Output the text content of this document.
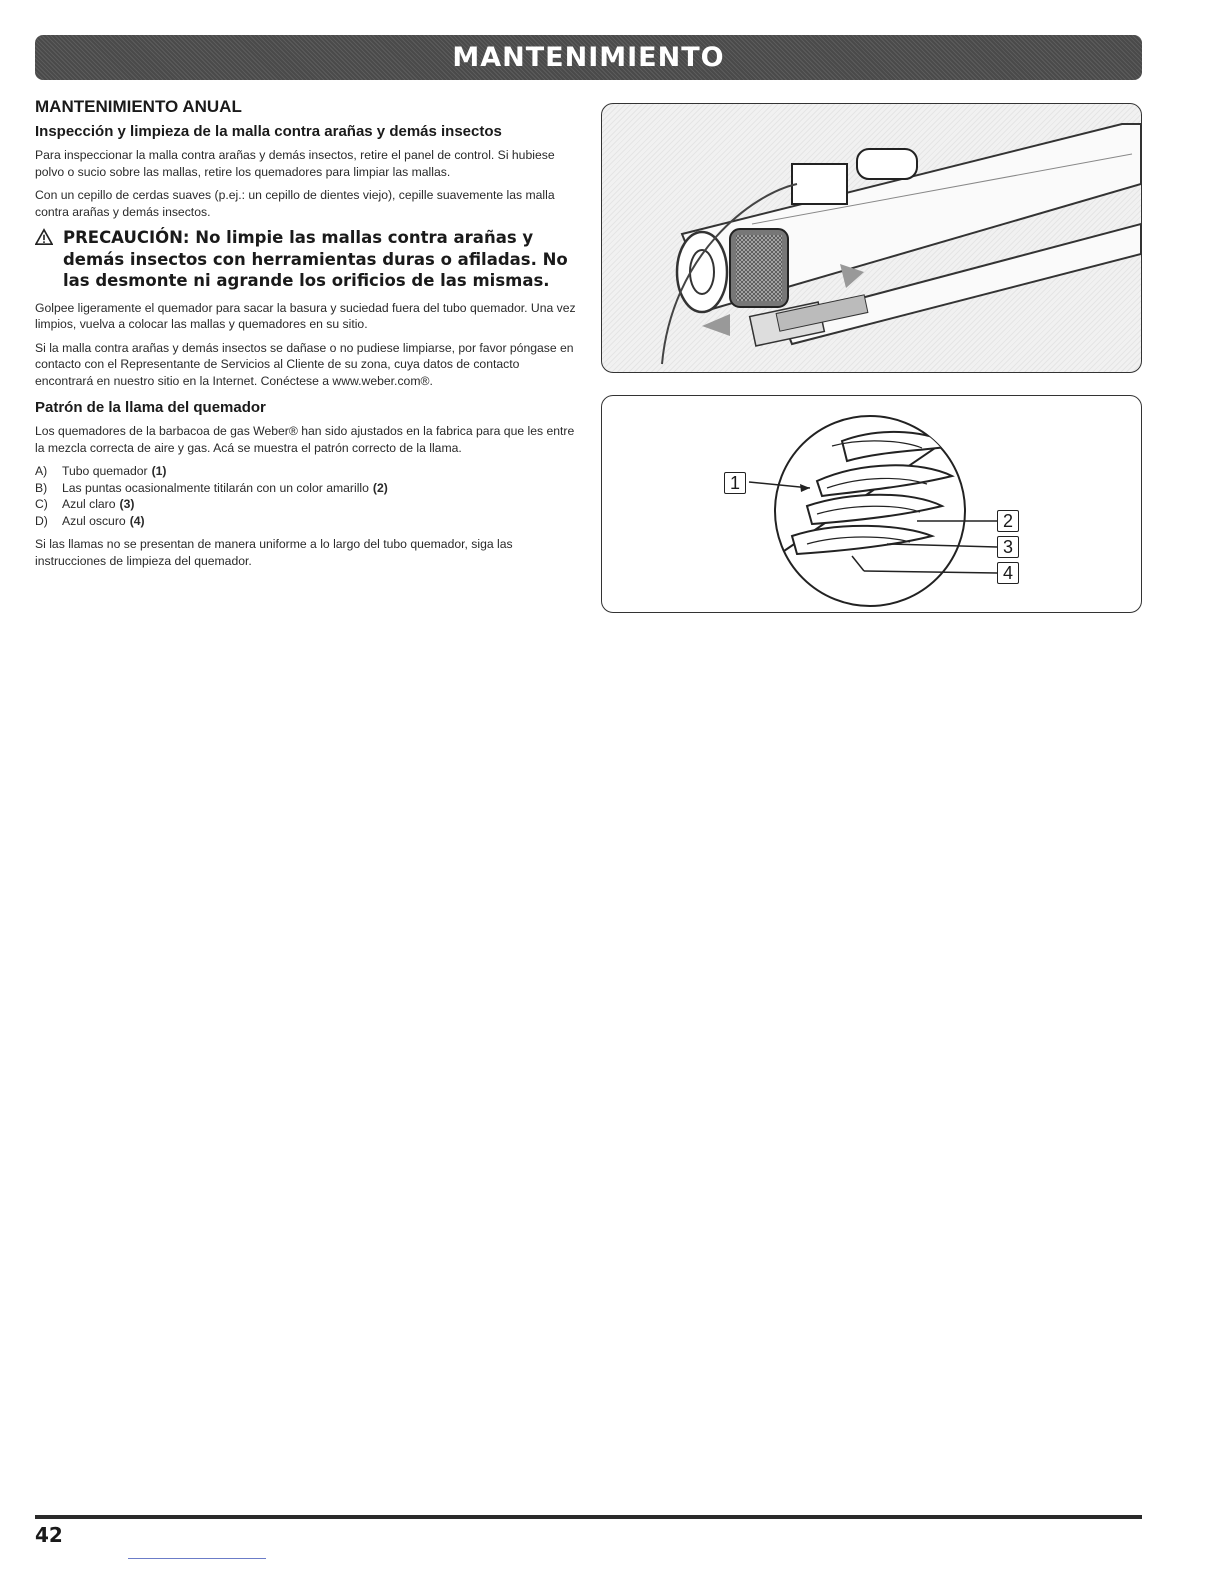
MANTENIMIENTO
MANTENIMIENTO ANUAL
Inspección y limpieza de la malla contra arañas y demás insectos

Para inspeccionar la malla contra arañas y demás insectos, retire el panel de control. Si hubiese polvo o sucio sobre las mallas, retire los quemadores para limpiar las mallas.

Con un cepillo de cerdas suaves (p.ej.: un cepillo de dientes viejo), cepille suavemente las malla contra arañas y demás insectos.

PRECAUCIÓN: No limpie las mallas contra arañas y demás insectos con herramientas duras o afiladas. No las desmonte ni agrande los orificios de las mismas.

Golpee ligeramente el quemador para sacar la basura y suciedad fuera del tubo quemador. Una vez limpios, vuelva a colocar las mallas y quemadores en su sitio.

Si la malla contra arañas y demás insectos se dañase o no pudiese limpiarse, por favor póngase en contacto con el Representante de Servicios al Cliente de su zona, cuya datos de contacto encontrará en nuestro sitio en la Internet. Conéctese a www.weber.com®.

Patrón de la llama del quemador

Los quemadores de la barbacoa de gas Weber® han sido ajustados en la fabrica para que les entre la mezcla correcta de aire y gas. Acá se muestra el patrón correcto de la llama.

A)	Tubo quemador (1)
B)	Las puntas ocasionalmente titilarán con un color amarillo (2)
C)	Azul claro (3)
D)	Azul oscuro (4)

Si las llamas no se presentan de manera uniforme a lo largo del tubo quemador, siga las instrucciones de limpieza del quemador.

1
2
3
4
42
